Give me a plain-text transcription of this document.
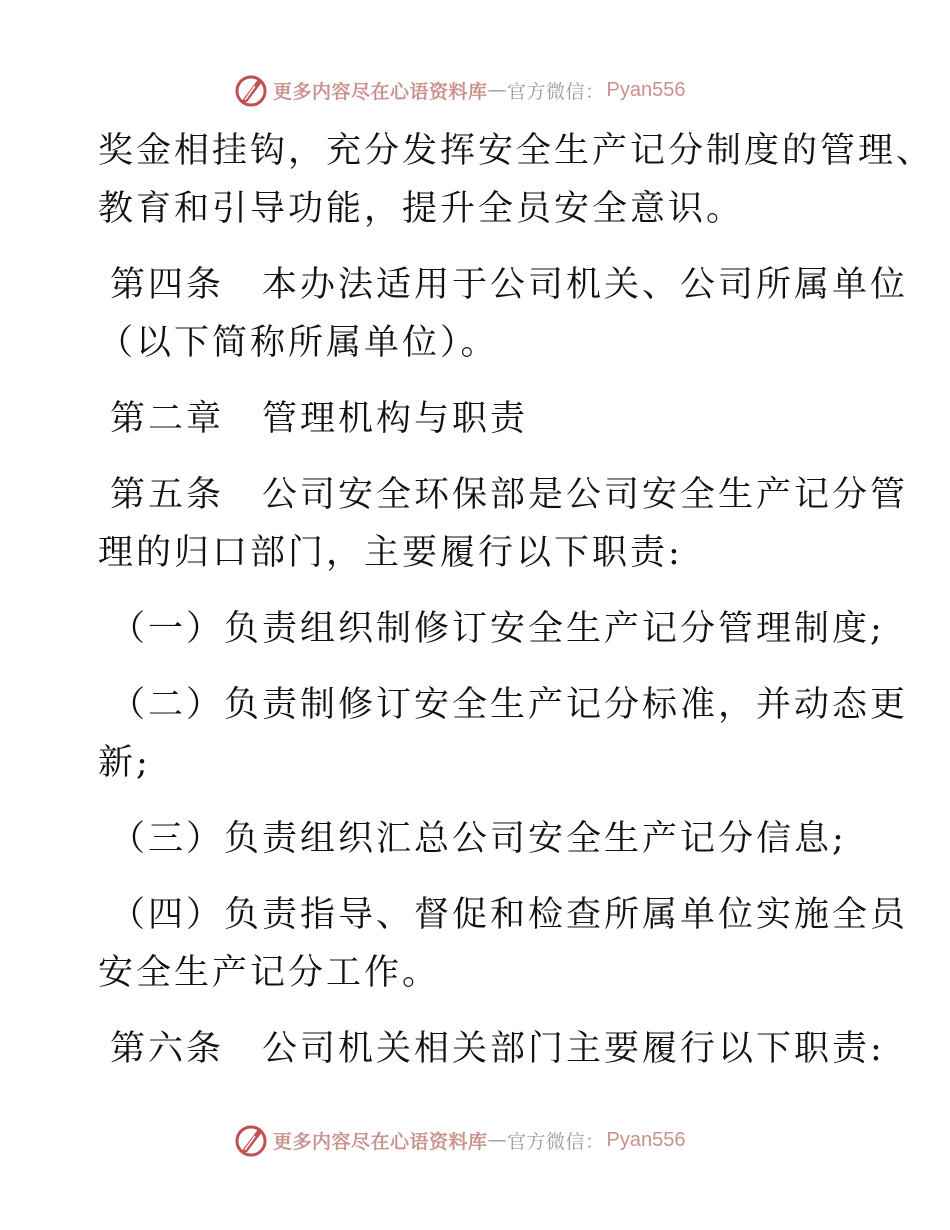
更多内容尽在心语资料库 — 官方微信： Pyan556
奖金相挂钩，充分发挥安全生产记分制度的管理、
教育和引导功能，提升全员安全意识。
第四条　本办法适用于公司机关、公司所属单位
（以下简称所属单位）。
第二章　管理机构与职责
第五条　公司安全环保部是公司安全生产记分管
理的归口部门，主要履行以下职责:
（一）负责组织制修订安全生产记分管理制度;
（二）负责制修订安全生产记分标准，并动态更
新;
（三）负责组织汇总公司安全生产记分信息;
（四）负责指导、督促和检查所属单位实施全员
安全生产记分工作。
第六条　公司机关相关部门主要履行以下职责:
更多内容尽在心语资料库 — 官方微信： Pyan556
